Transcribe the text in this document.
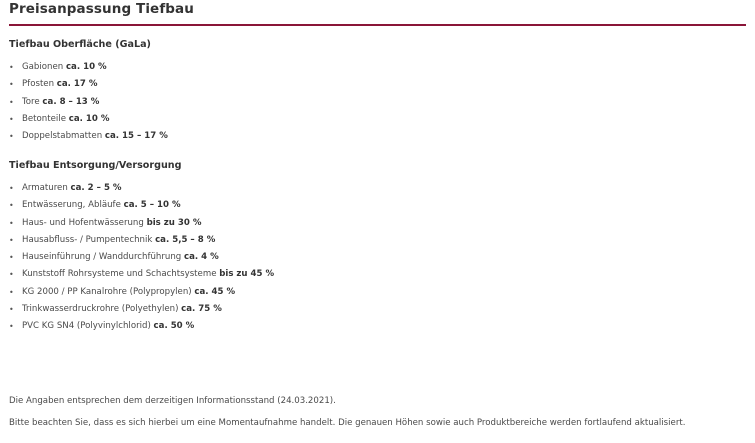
Preisanpassung Tiefbau
Tiefbau Oberfläche (GaLa)
• Gabionen ca. 10 %
• Pfosten ca. 17 %
• Tore ca. 8 – 13 %
• Betonteile ca. 10 %
• Doppelstabmatten ca. 15 – 17 %
Tiefbau Entsorgung/Versorgung
• Armaturen ca. 2 – 5 %
• Entwässerung, Abläufe ca. 5 – 10 %
• Haus- und Hofentwässerung bis zu 30 %
• Hausabfluss- / Pumpentechnik ca. 5,5 – 8 %
• Hauseinführung / Wanddurchführung ca. 4 %
• Kunststoff Rohrsysteme und Schachtsysteme bis zu 45 %
• KG 2000 / PP Kanalrohre (Polypropylen) ca. 45 %
• Trinkwasserdruckrohre (Polyethylen) ca. 75 %
• PVC KG SN4 (Polyvinylchlorid) ca. 50 %

Die Angaben entsprechen dem derzeitigen Informationsstand (24.03.2021).

Bitte beachten Sie, dass es sich hierbei um eine Momentaufnahme handelt. Die genauen Höhen sowie auch Produktbereiche werden fortlaufend aktualisiert.
